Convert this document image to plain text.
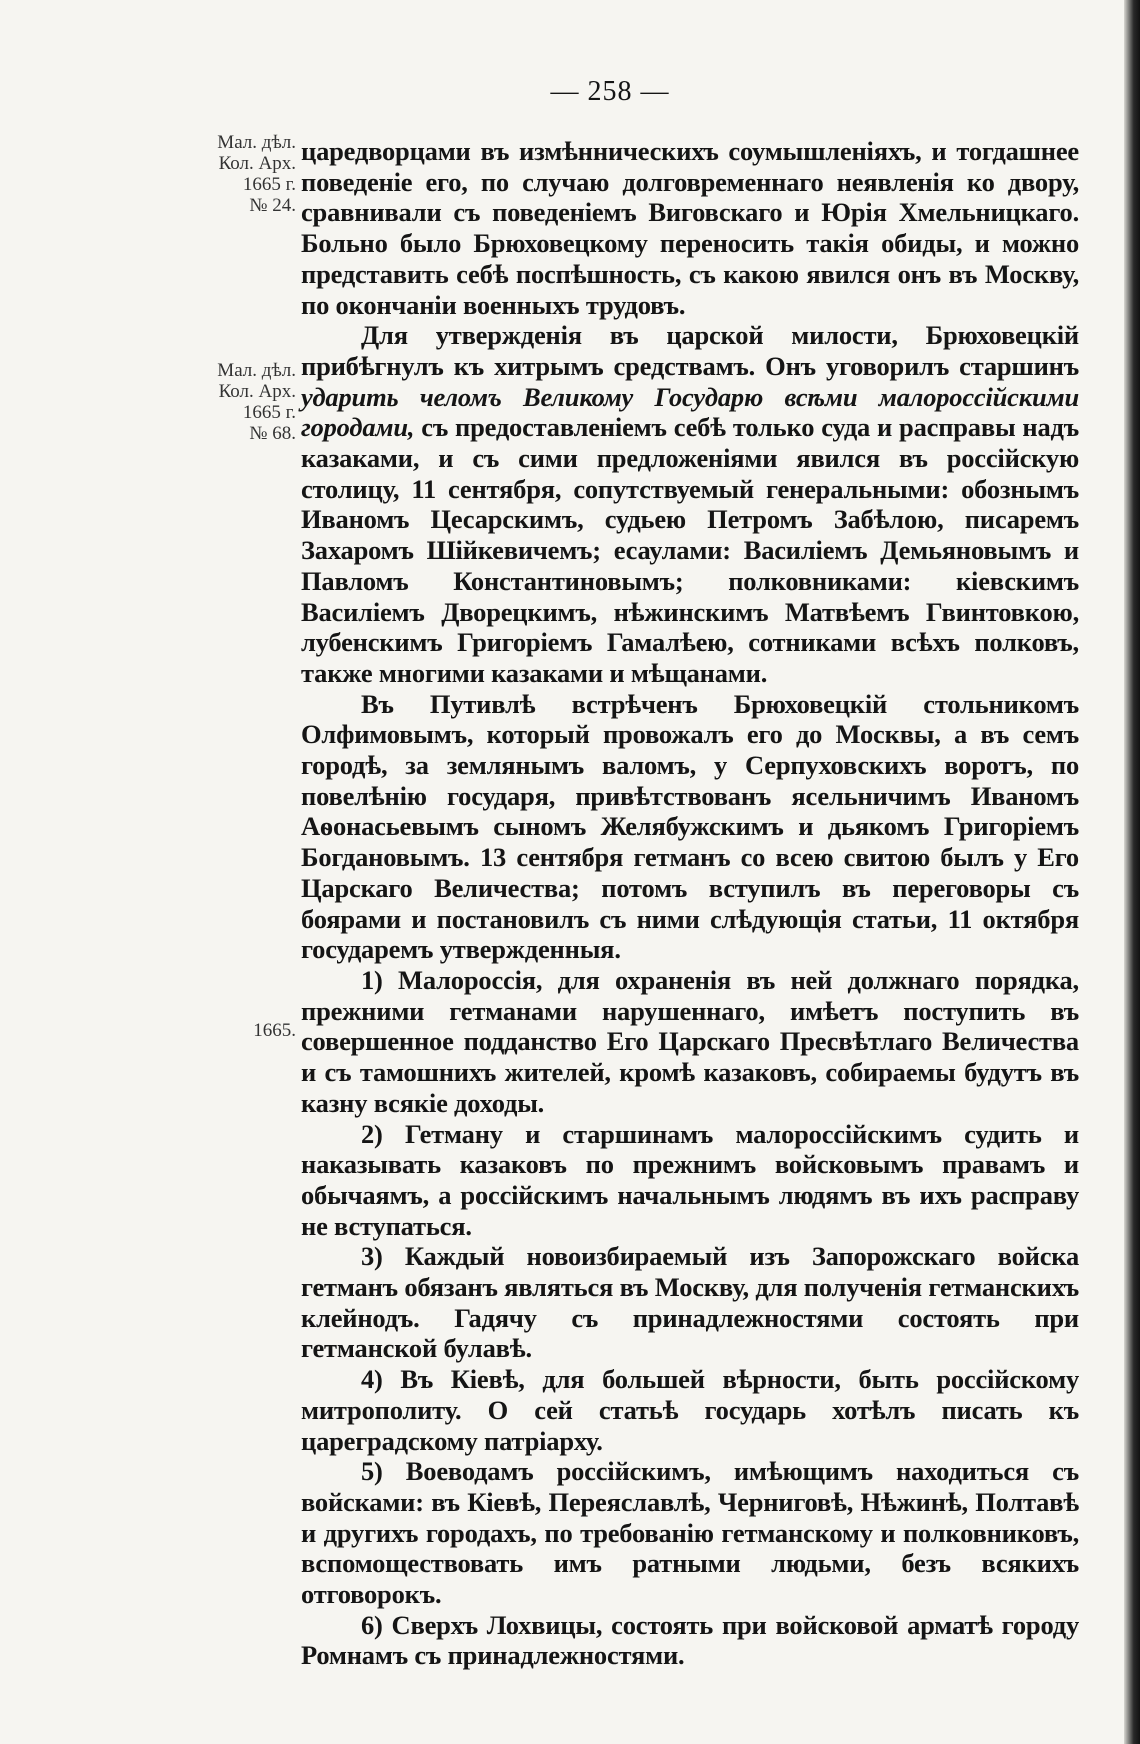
— 258 —
Мал. дѣл.
Кол. Арх.
1665 г.
№ 24.
Мал. дѣл.
Кол. Арх.
1665 г.
№ 68.
1665.

царедворцами въ измѣнническихъ соумышленіяхъ, и тогдашнее поведеніе его, по случаю долговременнаго неявленія ко двору, сравнивали съ поведеніемъ Виговскаго и Юрія Хмельницкаго. Больно было Брюховецкому переносить такія обиды, и можно представить себѣ поспѣшность, съ какою явился онъ въ Москву, по окончаніи военныхъ трудовъ.

Для утвержденія въ царской милости, Брюховецкій прибѣгнулъ къ хитрымъ средствамъ. Онъ уговорилъ старшинъ ударить челомъ Великому Государю всѣми малороссійскими городами, съ предоставленіемъ себѣ только суда и расправы надъ казаками, и съ сими предложеніями явился въ россійскую столицу, 11 сентября, сопутствуемый генеральными: обознымъ Иваномъ Цесарскимъ, судьею Петромъ Забѣлою, писаремъ Захаромъ Шійкевичемъ; есаулами: Василіемъ Демьяновымъ и Павломъ Константиновымъ; полковниками: кіевскимъ Василіемъ Дворецкимъ, нѣжинскимъ Матвѣемъ Гвинтовкою, лубенскимъ Григоріемъ Гамалѣею, сотниками всѣхъ полковъ, также многими казаками и мѣщанами.

Въ Путивлѣ встрѣченъ Брюховецкій стольникомъ Олфимовымъ, который провожалъ его до Москвы, а въ семъ городѣ, за землянымъ валомъ, у Серпуховскихъ воротъ, по повелѣнію государя, привѣтствованъ ясельничимъ Иваномъ Аѳонасьевымъ сыномъ Желябужскимъ и дьякомъ Григоріемъ Богдановымъ. 13 сентября гетманъ со всею свитою былъ у Его Царскаго Величества; потомъ вступилъ въ переговоры съ боярами и постановилъ съ ними слѣдующія статьи, 11 октября государемъ утвержденныя.

1) Малороссія, для охраненія въ ней должнаго порядка, прежними гетманами нарушеннаго, имѣетъ поступить въ совершенное подданство Его Царскаго Пресвѣтлаго Величества и съ тамошнихъ жителей, кромѣ казаковъ, собираемы будутъ въ казну всякіе доходы.

2) Гетману и старшинамъ малороссійскимъ судить и наказывать казаковъ по прежнимъ войсковымъ правамъ и обычаямъ, а россійскимъ начальнымъ людямъ въ ихъ расправу не вступаться.

3) Каждый новоизбираемый изъ Запорожскаго войска гетманъ обязанъ являться въ Москву, для полученія гетманскихъ клейнодъ. Гадячу съ принадлежностями состоять при гетманской булавѣ.

4) Въ Кіевѣ, для большей вѣрности, быть россійскому митрополиту. О сей статьѣ государь хотѣлъ писать къ цареградскому патріарху.

5) Воеводамъ россійскимъ, имѣющимъ находиться съ войсками: въ Кіевѣ, Переяславлѣ, Черниговѣ, Нѣжинѣ, Полтавѣ и другихъ городахъ, по требованію гетманскому и полковниковъ, вспомоществовать имъ ратными людьми, безъ всякихъ отговорокъ.

6) Сверхъ Лохвицы, состоять при войсковой арматѣ городу Ромнамъ съ принадлежностями.
